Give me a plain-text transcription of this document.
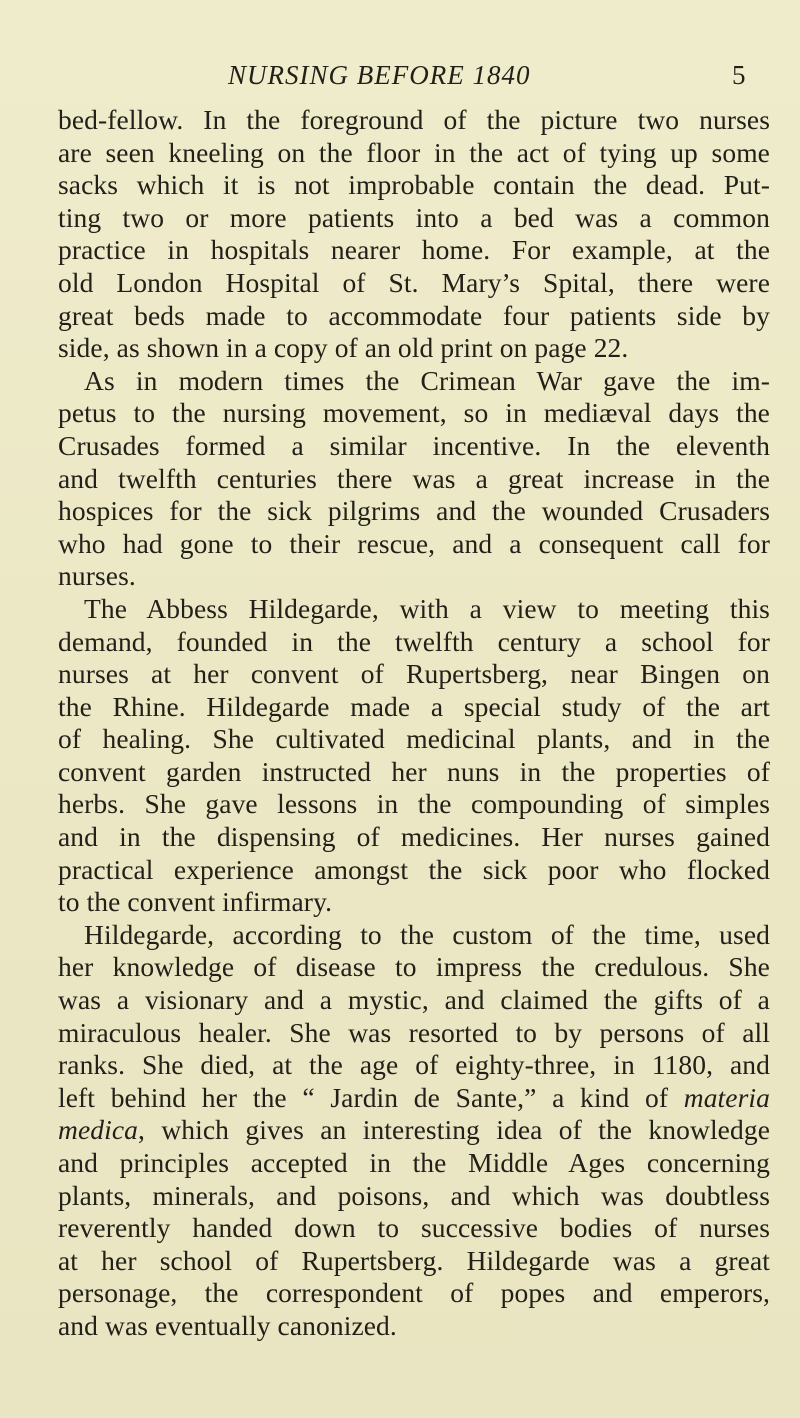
NURSING BEFORE 1840	5
bed-fellow. In the foreground of the picture two nurses
are seen kneeling on the floor in the act of tying up some
sacks which it is not improbable contain the dead. Put-
ting two or more patients into a bed was a common
practice in hospitals nearer home. For example, at the
old London Hospital of St. Mary’s Spital, there were
great beds made to accommodate four patients side by
side, as shown in a copy of an old print on page 22.
As in modern times the Crimean War gave the im-
petus to the nursing movement, so in mediæval days the
Crusades formed a similar incentive. In the eleventh
and twelfth centuries there was a great increase in the
hospices for the sick pilgrims and the wounded Crusaders
who had gone to their rescue, and a consequent call for
nurses.
The Abbess Hildegarde, with a view to meeting this
demand, founded in the twelfth century a school for
nurses at her convent of Rupertsberg, near Bingen on
the Rhine. Hildegarde made a special study of the art
of healing. She cultivated medicinal plants, and in the
convent garden instructed her nuns in the properties of
herbs. She gave lessons in the compounding of simples
and in the dispensing of medicines. Her nurses gained
practical experience amongst the sick poor who flocked
to the convent infirmary.
Hildegarde, according to the custom of the time, used
her knowledge of disease to impress the credulous. She
was a visionary and a mystic, and claimed the gifts of a
miraculous healer. She was resorted to by persons of all
ranks. She died, at the age of eighty-three, in 1180, and
left behind her the “ Jardin de Sante,” a kind of materia
medica, which gives an interesting idea of the knowledge
and principles accepted in the Middle Ages concerning
plants, minerals, and poisons, and which was doubtless
reverently handed down to successive bodies of nurses
at her school of Rupertsberg. Hildegarde was a great
personage, the correspondent of popes and emperors,
and was eventually canonized.
